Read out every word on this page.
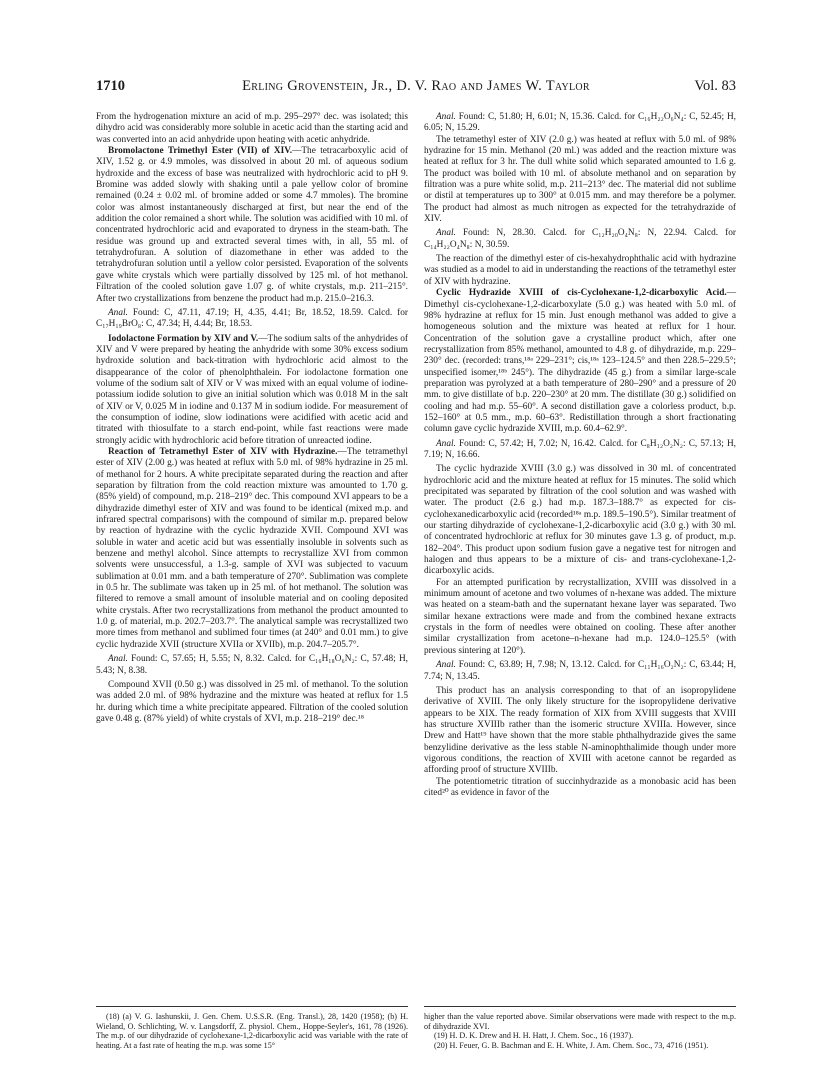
1710	Erling Grovenstein, Jr., D. V. Rao and James W. Taylor	Vol. 83

From the hydrogenation mixture an acid of m.p. 295–297° dec. was isolated; this dihydro acid was considerably more soluble in acetic acid than the starting acid and was converted into an acid anhydride upon heating with acetic anhydride.

Bromolactone Trimethyl Ester (VII) of XIV.—The tetracarboxylic acid of XIV, 1.52 g. or 4.9 mmoles, was dissolved in about 20 ml. of aqueous sodium hydroxide and the excess of base was neutralized with hydrochloric acid to pH 9. Bromine was added slowly with shaking until a pale yellow color of bromine remained (0.24 ± 0.02 ml. of bromine added or some 4.7 mmoles). The bromine color was almost instantaneously discharged at first, but near the end of the addition the color remained a short while. The solution was acidified with 10 ml. of concentrated hydrochloric acid and evaporated to dryness in the steam-bath. The residue was ground up and extracted several times with, in all, 55 ml. of tetrahydrofuran. A solution of diazomethane in ether was added to the tetrahydrofuran solution until a yellow color persisted. Evaporation of the solvents gave white crystals which were partially dissolved by 125 ml. of hot methanol. Filtration of the cooled solution gave 1.07 g. of white crystals, m.p. 211–215°. After two crystallizations from benzene the product had m.p. 215.0–216.3.

Anal. Found: C, 47.11, 47.19; H, 4.35, 4.41; Br, 18.52, 18.59. Calcd. for C₁₇H₁₉BrO₈: C, 47.34; H, 4.44; Br, 18.53.

Iodolactone Formation by XIV and V.—The sodium salts of the anhydrides of XIV and V were prepared by heating the anhydride with some 30% excess sodium hydroxide solution and back-titration with hydrochloric acid almost to the disappearance of the color of phenolphthalein. For iodolactone formation one volume of the sodium salt of XIV or V was mixed with an equal volume of iodine-potassium iodide solution to give an initial solution which was 0.018 M in the salt of XIV or V, 0.025 M in iodine and 0.137 M in sodium iodide. For measurement of the consumption of iodine, slow iodinations were acidified with acetic acid and titrated with thiosulfate to a starch end-point, while fast reactions were made strongly acidic with hydrochloric acid before titration of unreacted iodine.

Reaction of Tetramethyl Ester of XIV with Hydrazine.—The tetramethyl ester of XIV (2.00 g.) was heated at reflux with 5.0 ml. of 98% hydrazine in 25 ml. of methanol for 2 hours. A white precipitate separated during the reaction and after separation by filtration from the cold reaction mixture was amounted to 1.70 g. (85% yield) of compound, m.p. 218–219° dec. This compound XVI appears to be a dihydrazide dimethyl ester of XIV and was found to be identical (mixed m.p. and infrared spectral comparisons) with the compound of similar m.p. prepared below by reaction of hydrazine with the cyclic hydrazide XVII. Compound XVI was soluble in water and acetic acid but was essentially insoluble in solvents such as benzene and methyl alcohol. Since attempts to recrystallize XVI from common solvents were unsuccessful, a 1.3-g. sample of XVI was subjected to vacuum sublimation at 0.01 mm. and a bath temperature of 270°. Sublimation was complete in 0.5 hr. The sublimate was taken up in 25 ml. of hot methanol. The solution was filtered to remove a small amount of insoluble material and on cooling deposited white crystals. After two recrystallizations from methanol the product amounted to 1.0 g. of material, m.p. 202.7–203.7°. The analytical sample was recrystallized two more times from methanol and sublimed four times (at 240° and 0.01 mm.) to give cyclic hydrazide XVII (structure XVIIa or XVIIb), m.p. 204.7–205.7°.

Anal. Found: C, 57.65; H, 5.55; N, 8.32. Calcd. for C₁₆H₁₈O₆N₂: C, 57.48; H, 5.43; N, 8.38.

Compound XVII (0.50 g.) was dissolved in 25 ml. of methanol. To the solution was added 2.0 ml. of 98% hydrazine and the mixture was heated at reflux for 1.5 hr. during which time a white precipitate appeared. Filtration of the cooled solution gave 0.48 g. (87% yield) of white crystals of XVI, m.p. 218–219° dec.¹⁸

Anal. Found: C, 51.80; H, 6.01; N, 15.36. Calcd. for C₁₆H₂₂O₆N₄: C, 52.45; H, 6.05; N, 15.29.

The tetramethyl ester of XIV (2.0 g.) was heated at reflux with 5.0 ml. of 98% hydrazine for 15 min. Methanol (20 ml.) was added and the reaction mixture was heated at reflux for 3 hr. The dull white solid which separated amounted to 1.6 g. The product was boiled with 10 ml. of absolute methanol and on separation by filtration was a pure white solid, m.p. 211–213° dec. The material did not sublime or distil at temperatures up to 300° at 0.015 mm. and may therefore be a polymer. The product had almost as much nitrogen as expected for the tetrahydrazide of XIV.

Anal. Found: N, 28.30. Calcd. for C₁₂H₂₀O₄N₈: N, 22.94. Calcd. for C₁₄H₂₂O₄N₈: N, 30.59.

The reaction of the dimethyl ester of cis-hexahydrophthalic acid with hydrazine was studied as a model to aid in understanding the reactions of the tetramethyl ester of XIV with hydrazine.

Cyclic Hydrazide XVIII of cis-Cyclohexane-1,2-dicarboxylic Acid.—Dimethyl cis-cyclohexane-1,2-dicarboxylate (5.0 g.) was heated with 5.0 ml. of 98% hydrazine at reflux for 15 min. Just enough methanol was added to give a homogeneous solution and the mixture was heated at reflux for 1 hour. Concentration of the solution gave a crystalline product which, after one recrystallization from 85% methanol, amounted to 4.8 g. of dihydrazide, m.p. 229–230° dec. (recorded: trans,¹⁸ᵃ 229–231°; cis,¹⁸ᵃ 123–124.5° and then 228.5–229.5°; unspecified isomer,¹⁸ᵇ 245°). The dihydrazide (45 g.) from a similar large-scale preparation was pyrolyzed at a bath temperature of 280–290° and a pressure of 20 mm. to give distillate of b.p. 220–230° at 20 mm. The distillate (30 g.) solidified on cooling and had m.p. 55–60°. A second distillation gave a colorless product, b.p. 152–160° at 0.5 mm., m.p. 60–63°. Redistillation through a short fractionating column gave cyclic hydrazide XVIII, m.p. 60.4–62.9°.

Anal. Found: C, 57.42; H, 7.02; N, 16.42. Calcd. for C₈H₁₂O₂N₂: C, 57.13; H, 7.19; N, 16.66.

The cyclic hydrazide XVIII (3.0 g.) was dissolved in 30 ml. of concentrated hydrochloric acid and the mixture heated at reflux for 15 minutes. The solid which precipitated was separated by filtration of the cool solution and was washed with water. The product (2.6 g.) had m.p. 187.3–188.7° as expected for cis-cyclohexanedicarboxylic acid (recorded¹⁸ᵃ m.p. 189.5–190.5°). Similar treatment of our starting dihydrazide of cyclohexane-1,2-dicarboxylic acid (3.0 g.) with 30 ml. of concentrated hydrochloric at reflux for 30 minutes gave 1.3 g. of product, m.p. 182–204°. This product upon sodium fusion gave a negative test for nitrogen and halogen and thus appears to be a mixture of cis- and trans-cyclohexane-1,2-dicarboxylic acids.

For an attempted purification by recrystallization, XVIII was dissolved in a minimum amount of acetone and two volumes of n-hexane was added. The mixture was heated on a steam-bath and the supernatant hexane layer was separated. Two similar hexane extractions were made and from the combined hexane extracts crystals in the form of needles were obtained on cooling. These after another similar crystallization from acetone–n-hexane had m.p. 124.0–125.5° (with previous sintering at 120°).

Anal. Found: C, 63.89; H, 7.98; N, 13.12. Calcd. for C₁₁H₁₆O₂N₂: C, 63.44; H, 7.74; N, 13.45.

This product has an analysis corresponding to that of an isopropylidene derivative of XVIII. The only likely structure for the isopropylidene derivative appears to be XIX. The ready formation of XIX from XVIII suggests that XVIII has structure XVIIIb rather than the isomeric structure XVIIIa. However, since Drew and Hatt¹⁹ have shown that the more stable phthalhydrazide gives the same benzylidine derivative as the less stable N-aminophthalimide though under more vigorous conditions, the reaction of XVIII with acetone cannot be regarded as affording proof of structure XVIIIb.

The potentiometric titration of succinhydrazide as a monobasic acid has been cited²⁰ as evidence in favor of the

(18) (a) V. G. Iashunskii, J. Gen. Chem. U.S.S.R. (Eng. Transl.), 28, 1420 (1958); (b) H. Wieland, O. Schlichting, W. v. Langsdorff, Z. physiol. Chem., Hoppe-Seyler's, 161, 78 (1926). The m.p. of our dihydrazide of cyclohexane-1,2-dicarboxylic acid was variable with the rate of heating. At a fast rate of heating the m.p. was some 15°

higher than the value reported above. Similar observations were made with respect to the m.p. of dihydrazide XVI.

(19) H. D. K. Drew and H. H. Hatt, J. Chem. Soc., 16 (1937).

(20) H. Feuer, G. B. Bachman and E. H. White, J. Am. Chem. Soc., 73, 4716 (1951).
